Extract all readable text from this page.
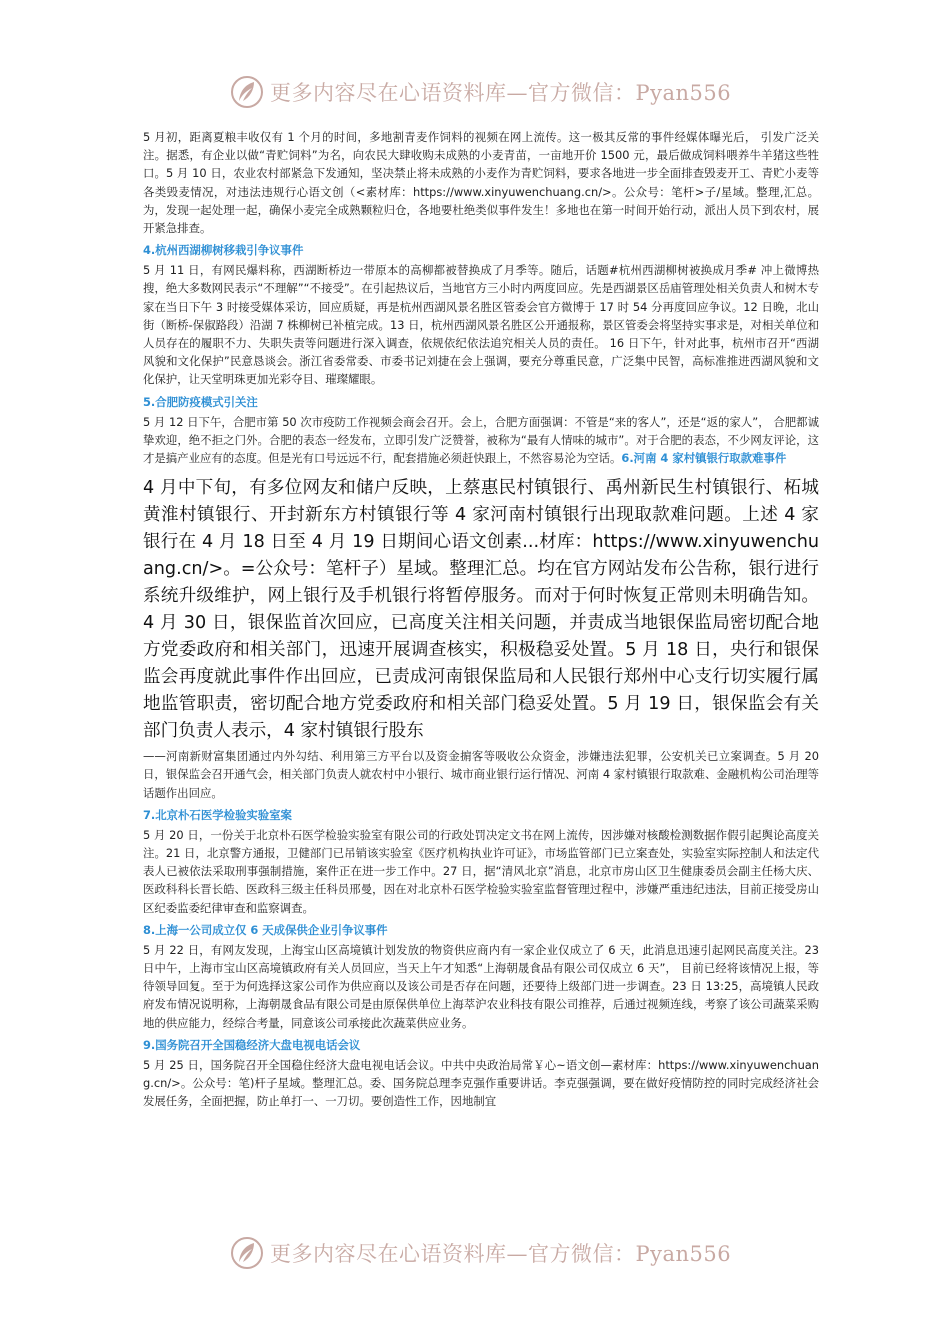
更多内容尽在心语资料库—官方微信：Pyan556

5 月初，距离夏粮丰收仅有 1 个月的时间，多地割青麦作饲料的视频在网上流传。这一极其反常的事件经媒体曝光后， 引发广泛关注。据悉，有企业以做“青贮饲料”为名，向农民大肆收购未成熟的小麦青苗，一亩地开价 1500 元，最后做成饲料喂养牛羊猪这些牲口。5 月 10 日，农业农村部紧急下发通知，坚决禁止将未成熟的小麦作为青贮饲料，要求各地进一步全面排查毁麦开工、青贮小麦等各类毁麦情况，对违法违规行心语文创（<素材库：https://www.xinyuwenchuang.cn/>。公众号：笔杆>子/星域。整理,汇总。为，发现一起处理一起，确保小麦完全成熟颗粒归仓，各地要杜绝类似事件发生！多地也在第一时间开始行动，派出人员下到农村，展开紧急排查。

4.杭州西湖柳树移栽引争议事件

5 月 11 日，有网民爆料称，西湖断桥边一带原本的高柳都被替换成了月季等。随后，话题#杭州西湖柳树被换成月季# 冲上微博热搜，绝大多数网民表示“不理解”“不接受”。在引起热议后，当地官方三小时内两度回应。先是西湖景区岳庙管理处相关负责人和树木专家在当日下午 3 时接受媒体采访，回应质疑，再是杭州西湖风景名胜区管委会官方微博于 17 时 54 分再度回应争议。12 日晚，北山街（断桥-保俶路段）沿湖 7 株柳树已补植完成。13 日，杭州西湖风景名胜区公开通报称，景区管委会将坚持实事求是，对相关单位和人员存在的履职不力、失职失责等问题进行深入调查，依规依纪依法追究相关人员的责任。 16 日下午，针对此事，杭州市召开“西湖风貌和文化保护”民意恳谈会。浙江省委常委、市委书记刘捷在会上强调，要充分尊重民意，广泛集中民智，高标准推进西湖风貌和文化保护，让天堂明珠更加光彩夺目、璀璨耀眼。

5.合肥防疫模式引关注

5 月 12 日下午，合肥市第 50 次市疫防工作视频会商会召开。会上，合肥方面强调：不管是“来的客人”，还是“返的家人”， 合肥都诚挚欢迎，绝不拒之门外。合肥的表态一经发布，立即引发广泛赞誉，被称为“最有人情味的城市”。对于合肥的表态，不少网友评论，这才是搞产业应有的态度。但是光有口号远远不行，配套措施必须赶快跟上，不然容易沦为空话。6.河南 4 家村镇银行取款难事件

4 月中下旬，有多位网友和储户反映，上蔡惠民村镇银行、禹州新民生村镇银行、柘城黄淮村镇银行、开封新东方村镇银行等 4 家河南村镇银行出现取款难问题。上述 4 家银行在 4 月 18 日至 4 月 19 日期间心语文创素...材库：https://www.xinyuwenchuang.cn/>。=公众号：笔杆子）星域。整理汇总。均在官方网站发布公告称，银行进行系统升级维护，网上银行及手机银行将暂停服务。而对于何时恢复正常则未明确告知。4 月 30 日，银保监首次回应，已高度关注相关问题，并责成当地银保监局密切配合地方党委政府和相关部门，迅速开展调查核实，积极稳妥处置。5 月 18 日，央行和银保监会再度就此事件作出回应，已责成河南银保监局和人民银行郑州中心支行切实履行属地监管职责，密切配合地方党委政府和相关部门稳妥处置。5 月 19 日，银保监会有关部门负责人表示，4 家村镇银行股东

——河南新财富集团通过内外勾结、利用第三方平台以及资金掮客等吸收公众资金，涉嫌违法犯罪，公安机关已立案调查。5 月 20 日，银保监会召开通气会，相关部门负责人就农村中小银行、城市商业银行运行情况、河南 4 家村镇银行取款难、金融机构公司治理等话题作出回应。

7.北京朴石医学检验实验室案

5 月 20 日，一份关于北京朴石医学检验实验室有限公司的行政处罚决定文书在网上流传，因涉嫌对核酸检测数据作假引起舆论高度关注。21 日，北京警方通报，卫健部门已吊销该实验室《医疗机构执业许可证》，市场监管部门已立案查处，实验室实际控制人和法定代表人已被依法采取刑事强制措施，案件正在进一步工作中。27 日，据“清风北京”消息，北京市房山区卫生健康委员会副主任杨大庆、医政科科长晋长皓、医政科三级主任科员邢曼，因在对北京朴石医学检验实验室监督管理过程中，涉嫌严重违纪违法，目前正接受房山区纪委监委纪律审查和监察调查。

8.上海一公司成立仅 6 天成保供企业引争议事件

5 月 22 日，有网友发现，上海宝山区高境镇计划发放的物资供应商内有一家企业仅成立了 6 天，此消息迅速引起网民高度关注。23 日中午，上海市宝山区高境镇政府有关人员回应，当天上午才知悉“上海朝晟食品有限公司仅成立 6 天”， 目前已经将该情况上报，等待领导回复。至于为何选择这家公司作为供应商以及该公司是否存在问题，还要待上级部门进一步调查。23 日 13:25，高境镇人民政府发布情况说明称，上海朝晟食品有限公司是由原保供单位上海萃沪农业科技有限公司推荐，后通过视频连线，考察了该公司蔬菜采购地的供应能力，经综合考量，同意该公司承接此次蔬菜供应业务。

9.国务院召开全国稳经济大盘电视电话会议

5 月 25 日，国务院召开全国稳住经济大盘电视电话会议。中共中央政治局常￥心~语文创—素材库：https://www.xinyuwenchuang.cn/>。公众号：笔)杆子星域。整理汇总。委、国务院总理李克强作重要讲话。李克强强调，要在做好疫情防控的同时完成经济社会发展任务，全面把握，防止单打一、一刀切。要创造性工作，因地制宜

更多内容尽在心语资料库—官方微信：Pyan556
